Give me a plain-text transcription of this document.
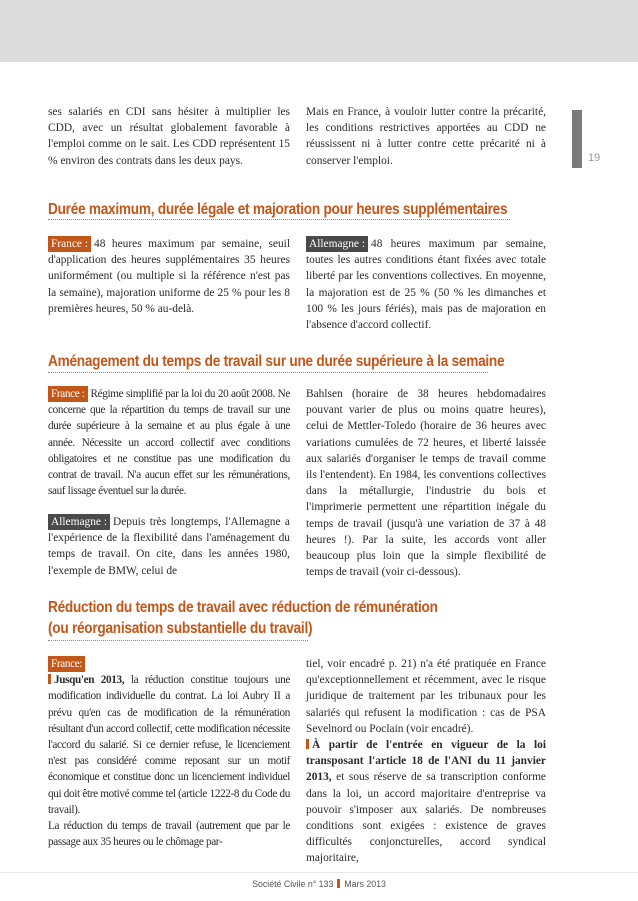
19

ses salariés en CDI sans hésiter à multiplier les CDD, avec un résultat globalement favorable à l'emploi comme on le sait. Les CDD représentent 15 % environ des contrats dans les deux pays.

Mais en France, à vouloir lutter contre la précarité, les conditions restrictives apportées au CDD ne réussissent ni à lutter contre cette précarité ni à conserver l'emploi.

Durée maximum, durée légale et majoration pour heures supplémentaires

France : 48 heures maximum par semaine, seuil d'application des heures supplémentaires 35 heures uniformément (ou multiple si la référence n'est pas la semaine), majoration uniforme de 25 % pour les 8 premières heures, 50 % au-delà.

Allemagne : 48 heures maximum par semaine, toutes les autres conditions étant fixées avec totale liberté par les conventions collectives. En moyenne, la majoration est de 25 % (50 % les dimanches et 100 % les jours fériés), mais pas de majoration en l'absence d'accord collectif.

Aménagement du temps de travail sur une durée supérieure à la semaine

France : Régime simplifié par la loi du 20 août 2008. Ne concerne que la répartition du temps de travail sur une durée supérieure à la semaine et au plus égale à une année. Nécessite un accord collectif avec conditions obligatoires et ne constitue pas une modification du contrat de travail. N'a aucun effet sur les rémunérations, sauf lissage éventuel sur la durée.

Allemagne : Depuis très longtemps, l'Allemagne a l'expérience de la flexibilité dans l'aménagement du temps de travail. On cite, dans les années 1980, l'exemple de BMW, celui de

Bahlsen (horaire de 38 heures hebdomadaires pouvant varier de plus ou moins quatre heures), celui de Mettler-Toledo (horaire de 36 heures avec variations cumulées de 72 heures, et liberté laissée aux salariés d'organiser le temps de travail comme ils l'entendent). En 1984, les conventions collectives dans la métallurgie, l'industrie du bois et l'imprimerie permettent une répartition inégale du temps de travail (jusqu'à une variation de 37 à 48 heures !). Par la suite, les accords vont aller beaucoup plus loin que la simple flexibilité de temps de travail (voir ci-dessous).

Réduction du temps de travail avec réduction de rémunération
(ou réorganisation substantielle du travail)

France:

Jusqu'en 2013, la réduction constitue toujours une modification individuelle du contrat. La loi Aubry II a prévu qu'en cas de modification de la rémunération résultant d'un accord collectif, cette modification nécessite l'accord du salarié. Si ce dernier refuse, le licenciement n'est pas considéré comme reposant sur un motif économique et constitue donc un licenciement individuel qui doit être motivé comme tel (article 1222-8 du Code du travail).

La réduction du temps de travail (autrement que par le passage aux 35 heures ou le chômage par-

tiel, voir encadré p. 21) n'a été pratiquée en France qu'exceptionnellement et récemment, avec le risque juridique de traitement par les tribunaux pour les salariés qui refusent la modification : cas de PSA Sevelnord ou Poclain (voir encadré).

À partir de l'entrée en vigueur de la loi transposant l'article 18 de l'ANI du 11 janvier 2013, et sous réserve de sa transcription conforme dans la loi, un accord majoritaire d'entreprise va pouvoir s'imposer aux salariés. De nombreuses conditions sont exigées : existence de graves difficultés conjoncturelles, accord syndical majoritaire,

Société Civile n° 133 Mars 2013
